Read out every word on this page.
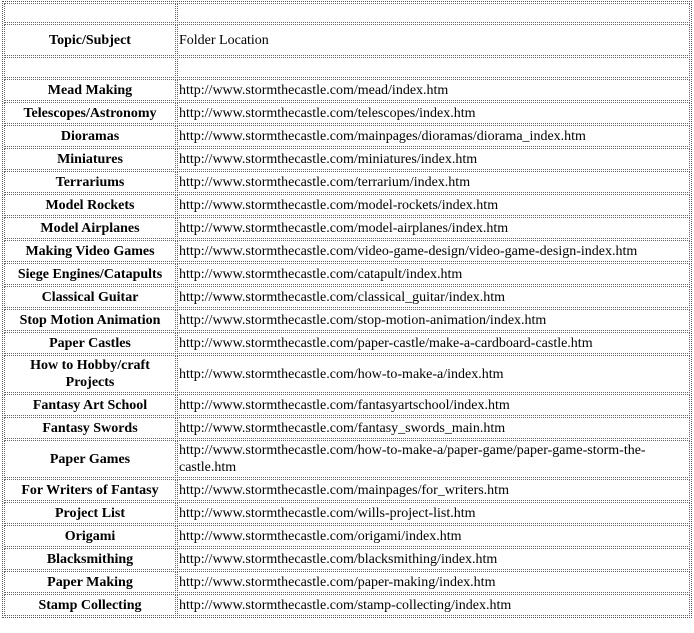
Topic/Subject	Folder Location

Mead Making	http://www.stormthecastle.com/mead/index.htm
Telescopes/Astronomy	http://www.stormthecastle.com/telescopes/index.htm
Dioramas	http://www.stormthecastle.com/mainpages/dioramas/diorama_index.htm
Miniatures	http://www.stormthecastle.com/miniatures/index.htm
Terrariums	http://www.stormthecastle.com/terrarium/index.htm
Model Rockets	http://www.stormthecastle.com/model-rockets/index.htm
Model Airplanes	http://www.stormthecastle.com/model-airplanes/index.htm
Making Video Games	http://www.stormthecastle.com/video-game-design/video-game-design-index.htm
Siege Engines/Catapults	http://www.stormthecastle.com/catapult/index.htm
Classical Guitar	http://www.stormthecastle.com/classical_guitar/index.htm
Stop Motion Animation	http://www.stormthecastle.com/stop-motion-animation/index.htm
Paper Castles	http://www.stormthecastle.com/paper-castle/make-a-cardboard-castle.htm
How to Hobby/craft Projects	http://www.stormthecastle.com/how-to-make-a/index.htm
Fantasy Art School	http://www.stormthecastle.com/fantasyartschool/index.htm
Fantasy Swords	http://www.stormthecastle.com/fantasy_swords_main.htm
Paper Games	http://www.stormthecastle.com/how-to-make-a/paper-game/paper-game-storm-the-castle.htm
For Writers of Fantasy	http://www.stormthecastle.com/mainpages/for_writers.htm
Project List	http://www.stormthecastle.com/wills-project-list.htm
Origami	http://www.stormthecastle.com/origami/index.htm
Blacksmithing	http://www.stormthecastle.com/blacksmithing/index.htm
Paper Making	http://www.stormthecastle.com/paper-making/index.htm
Stamp Collecting	http://www.stormthecastle.com/stamp-collecting/index.htm
